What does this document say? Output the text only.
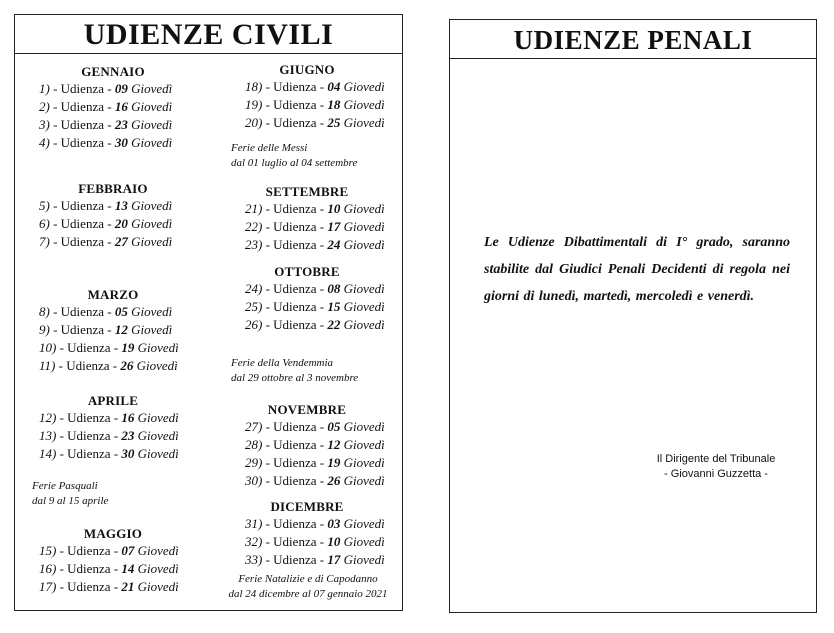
UDIENZE CIVILI
GENNAIO
1) - Udienza - 09 Giovedì
2) - Udienza - 16 Giovedì
3) - Udienza - 23 Giovedì
4) - Udienza - 30 Giovedì
FEBBRAIO
5) - Udienza - 13 Giovedì
6) - Udienza - 20 Giovedì
7) - Udienza - 27 Giovedì
MARZO
8) - Udienza - 05 Giovedì
9) - Udienza - 12 Giovedì
10) - Udienza - 19 Giovedì
11) - Udienza - 26 Giovedì
APRILE
12) - Udienza - 16 Giovedì
13) - Udienza - 23 Giovedì
14) - Udienza - 30 Giovedì
Ferie Pasquali
dal 9 al 15 aprile
MAGGIO
15) - Udienza - 07 Giovedì
16) - Udienza - 14 Giovedì
17) - Udienza - 21 Giovedì
GIUGNO
18) - Udienza - 04 Giovedì
19) - Udienza - 18 Giovedì
20) - Udienza - 25 Giovedì
Ferie delle Messi
dal 01 luglio al 04 settembre
SETTEMBRE
21) - Udienza - 10 Giovedì
22) - Udienza - 17 Giovedì
23) - Udienza - 24 Giovedì
OTTOBRE
24) - Udienza - 08 Giovedì
25) - Udienza - 15 Giovedì
26) - Udienza - 22 Giovedì
Ferie della Vendemmia
dal 29 ottobre al 3 novembre
NOVEMBRE
27) - Udienza - 05 Giovedì
28) - Udienza - 12 Giovedì
29) - Udienza - 19 Giovedì
30) - Udienza - 26 Giovedì
DICEMBRE
31) - Udienza - 03 Giovedì
32) - Udienza - 10 Giovedì
33) - Udienza - 17 Giovedì
Ferie Natalizie e di Capodanno
dal 24 dicembre al 07 gennaio 2021
UDIENZE PENALI
Le Udienze Dibattimentali di I° grado, saranno stabilite dal Giudici Penali Decidenti di regola nei giorni di lunedì, martedì, mercoledì e venerdì.
Il Dirigente del Tribunale
- Giovanni Guzzetta -
